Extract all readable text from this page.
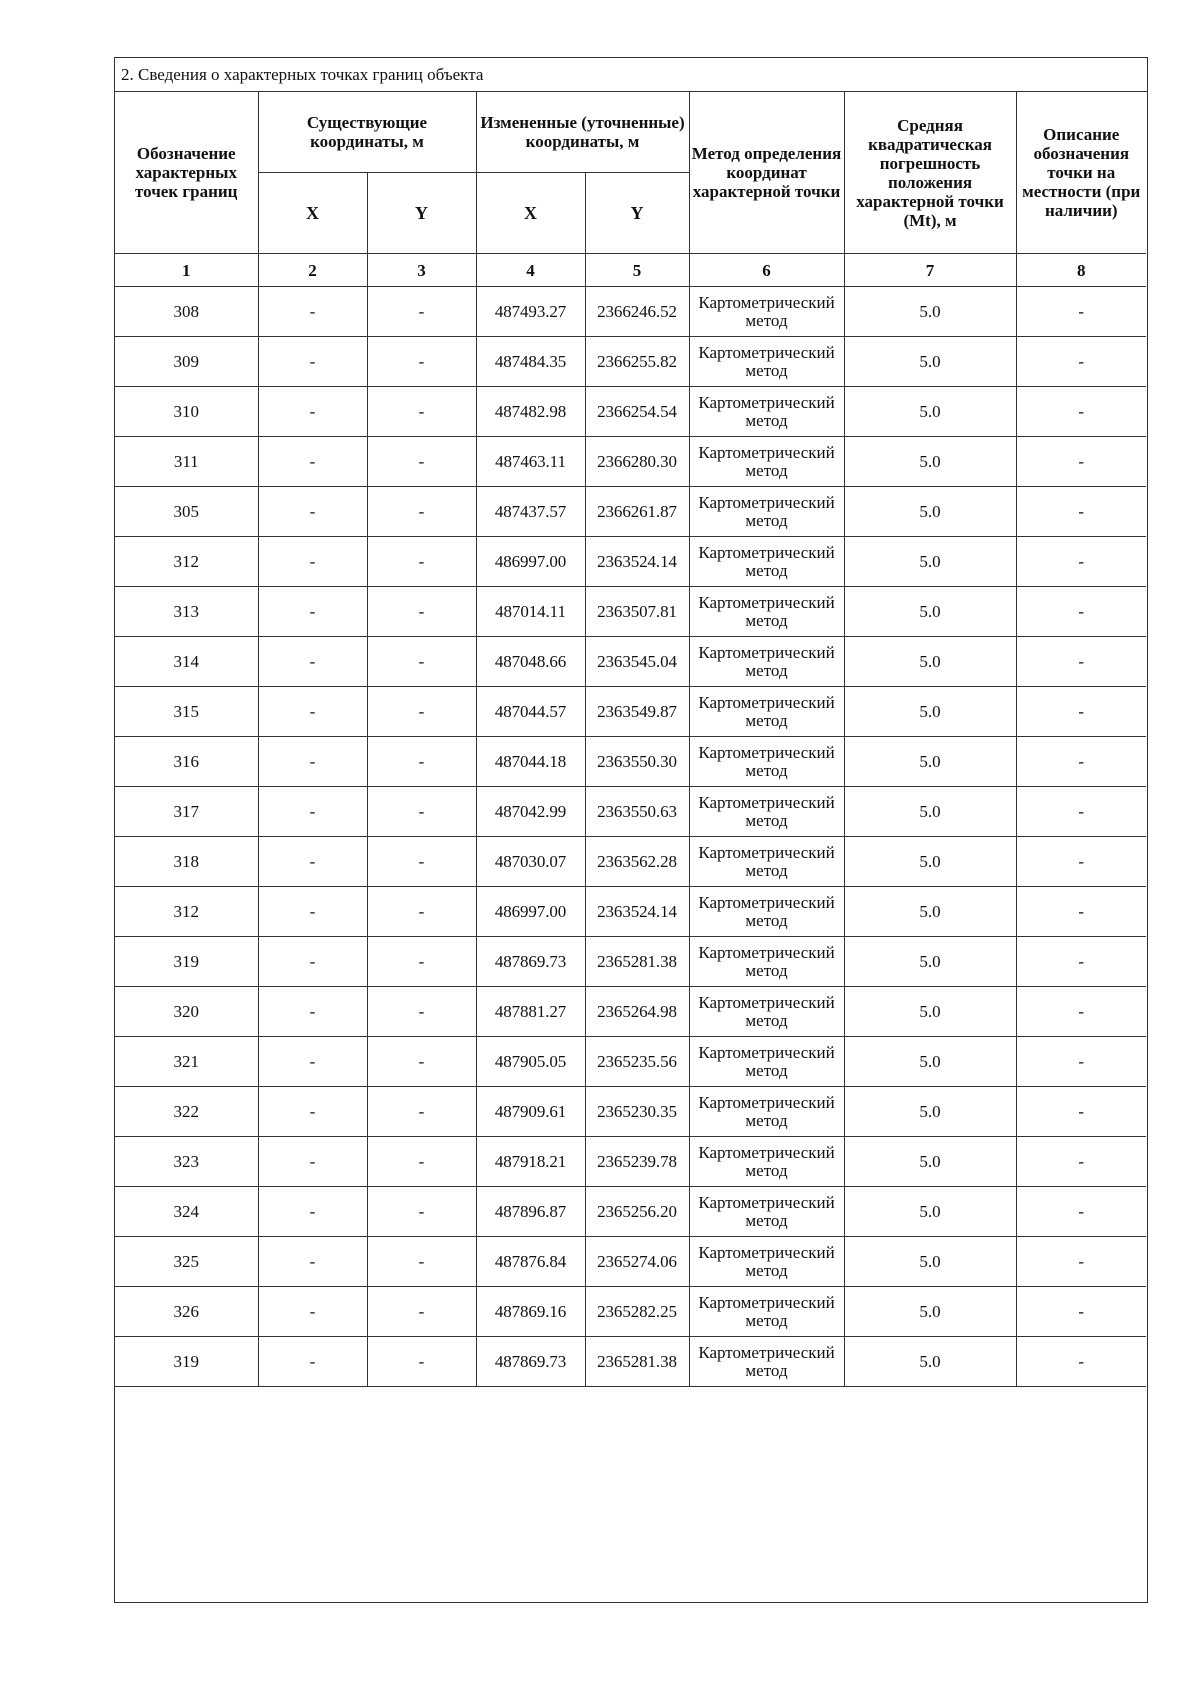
2. Сведения о характерных точках границ объекта
Обозначение характерных точек границ	Существующие координаты, м		Измененные (уточненные) координаты, м		Метод определения координат характерной точки	Средняя квадратическая погрешность положения характерной точки (Mt), м	Описание обозначения точки на местности (при наличии)
	X	Y	X	Y			
1	2	3	4	5	6	7	8
308	-	-	487493.27	2366246.52	Картометрический метод	5.0	-
309	-	-	487484.35	2366255.82	Картометрический метод	5.0	-
310	-	-	487482.98	2366254.54	Картометрический метод	5.0	-
311	-	-	487463.11	2366280.30	Картометрический метод	5.0	-
305	-	-	487437.57	2366261.87	Картометрический метод	5.0	-
312	-	-	486997.00	2363524.14	Картометрический метод	5.0	-
313	-	-	487014.11	2363507.81	Картометрический метод	5.0	-
314	-	-	487048.66	2363545.04	Картометрический метод	5.0	-
315	-	-	487044.57	2363549.87	Картометрический метод	5.0	-
316	-	-	487044.18	2363550.30	Картометрический метод	5.0	-
317	-	-	487042.99	2363550.63	Картометрический метод	5.0	-
318	-	-	487030.07	2363562.28	Картометрический метод	5.0	-
312	-	-	486997.00	2363524.14	Картометрический метод	5.0	-
319	-	-	487869.73	2365281.38	Картометрический метод	5.0	-
320	-	-	487881.27	2365264.98	Картометрический метод	5.0	-
321	-	-	487905.05	2365235.56	Картометрический метод	5.0	-
322	-	-	487909.61	2365230.35	Картометрический метод	5.0	-
323	-	-	487918.21	2365239.78	Картометрический метод	5.0	-
324	-	-	487896.87	2365256.20	Картометрический метод	5.0	-
325	-	-	487876.84	2365274.06	Картометрический метод	5.0	-
326	-	-	487869.16	2365282.25	Картометрический метод	5.0	-
319	-	-	487869.73	2365281.38	Картометрический метод	5.0	-
